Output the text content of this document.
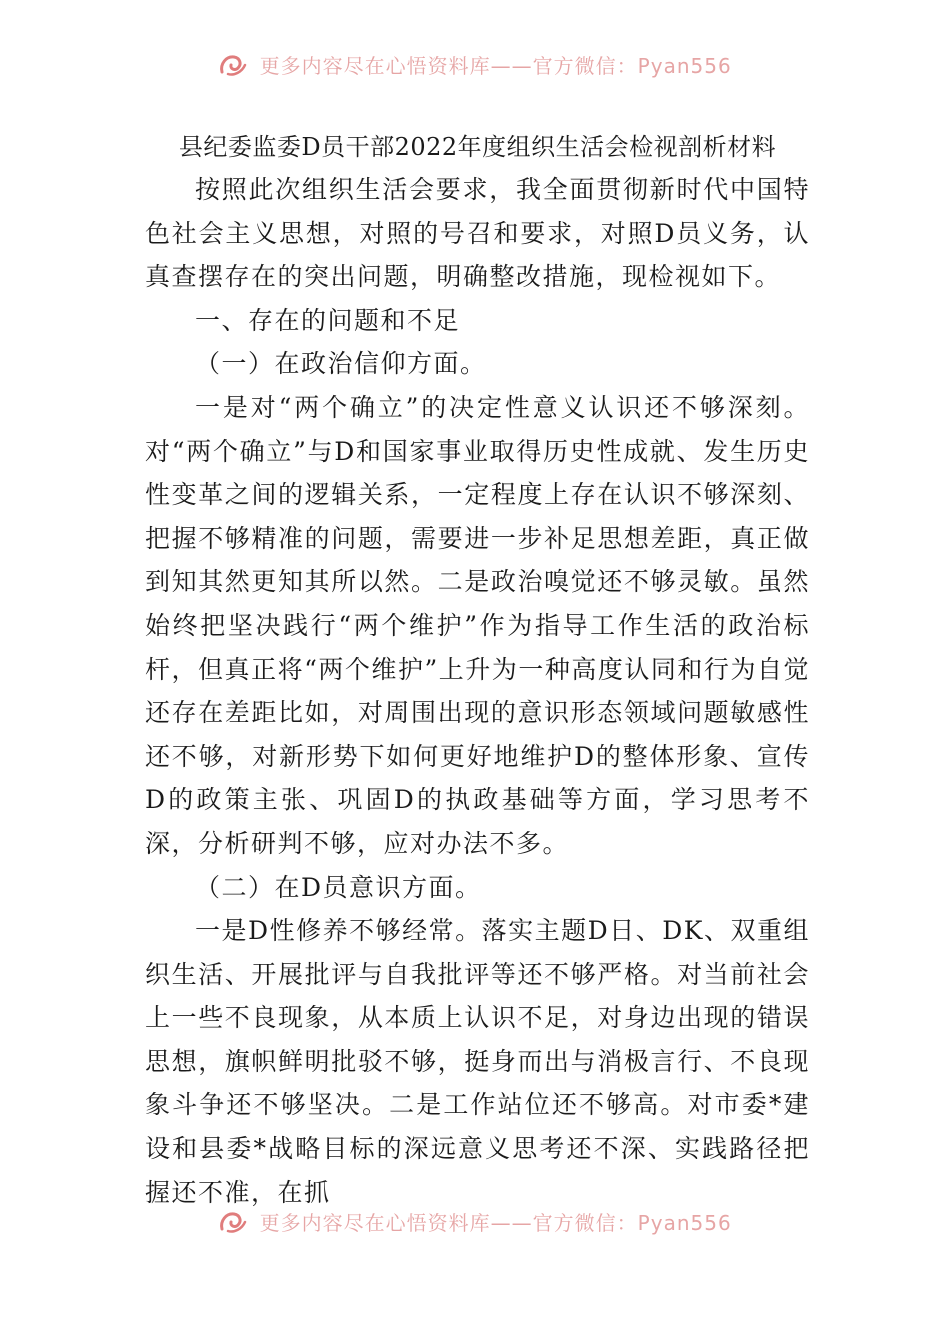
更多内容尽在心悟资料库——官方微信：Pyan556
县纪委监委D员干部2022年度组织生活会检视剖析材料

按照此次组织生活会要求，我全面贯彻新时代中国特色社会主义思想，对照的号召和要求，对照D员义务，认真查摆存在的突出问题，明确整改措施，现检视如下。

一、存在的问题和不足

（一）在政治信仰方面。

一是对“两个确立”的决定性意义认识还不够深刻。对“两个确立”与D和国家事业取得历史性成就、发生历史性变革之间的逻辑关系，一定程度上存在认识不够深刻、把握不够精准的问题，需要进一步补足思想差距，真正做到知其然更知其所以然。二是政治嗅觉还不够灵敏。虽然始终把坚决践行“两个维护”作为指导工作生活的政治标杆，但真正将“两个维护”上升为一种高度认同和行为自觉还存在差距比如，对周围出现的意识形态领域问题敏感性还不够，对新形势下如何更好地维护D的整体形象、宣传D的政策主张、巩固D的执政基础等方面，学习思考不深，分析研判不够，应对办法不多。

（二）在D员意识方面。

一是D性修养不够经常。落实主题D日、DK、双重组织生活、开展批评与自我批评等还不够严格。对当前社会上一些不良现象，从本质上认识不足，对身边出现的错误思想，旗帜鲜明批驳不够，挺身而出与消极言行、不良现象斗争还不够坚决。二是工作站位还不够高。对市委*建设和县委*战略目标的深远意义思考还不深、实践路径把握还不准，在抓

更多内容尽在心悟资料库——官方微信：Pyan556
